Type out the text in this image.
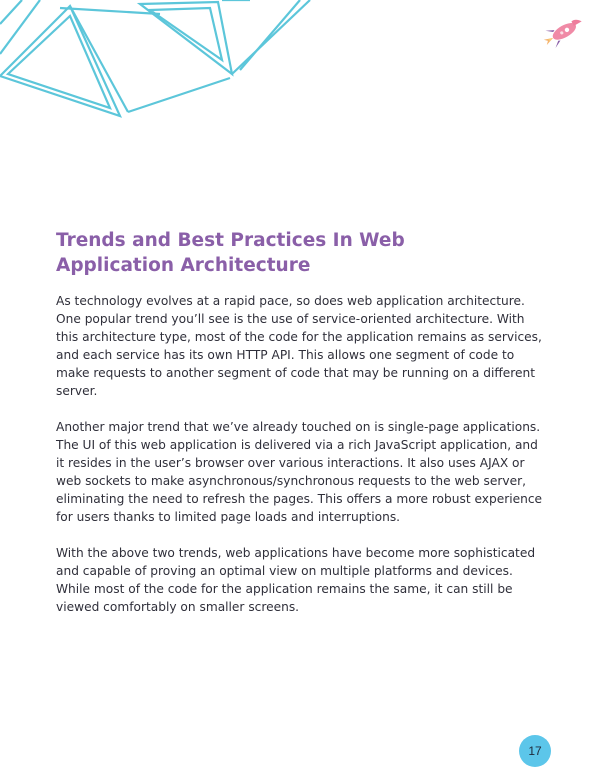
Trends and Best Practices In Web
Application Architecture

As technology evolves at a rapid pace, so does web application architecture.
One popular trend you’ll see is the use of service-oriented architecture. With
this architecture type, most of the code for the application remains as services,
and each service has its own HTTP API. This allows one segment of code to
make requests to another segment of code that may be running on a different
server.

Another major trend that we’ve already touched on is single-page applications.
The UI of this web application is delivered via a rich JavaScript application, and
it resides in the user’s browser over various interactions. It also uses AJAX or
web sockets to make asynchronous/synchronous requests to the web server,
eliminating the need to refresh the pages. This offers a more robust experience
for users thanks to limited page loads and interruptions.

With the above two trends, web applications have become more sophisticated
and capable of proving an optimal view on multiple platforms and devices.
While most of the code for the application remains the same, it can still be
viewed comfortably on smaller screens.

17
